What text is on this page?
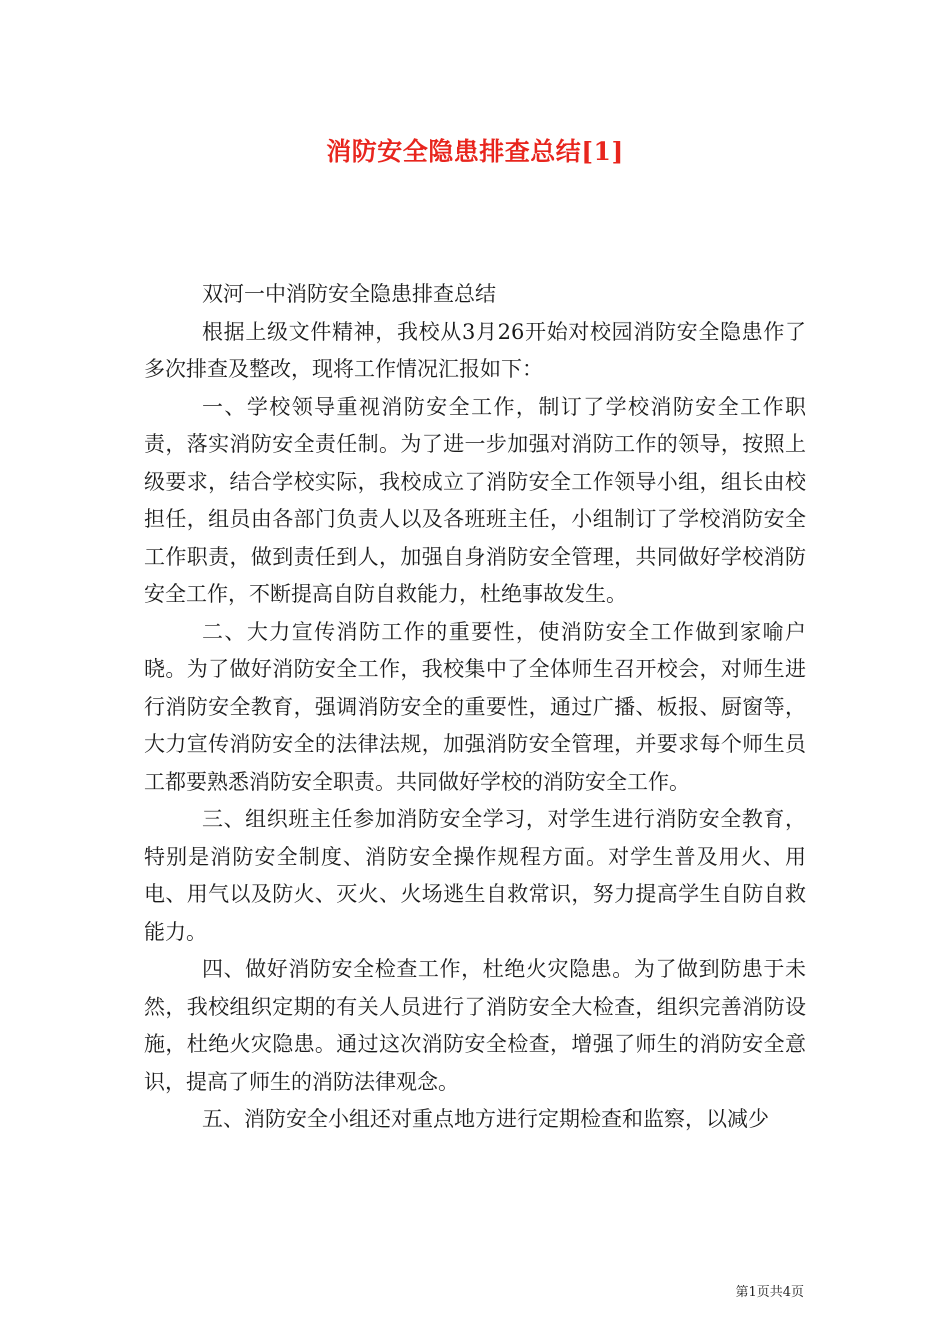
消防安全隐患排查总结[1]

双河一中消防安全隐患排查总结

根据上级文件精神，我校从3月26开始对校园消防安全隐患作了多次排查及整改，现将工作情况汇报如下：

一、学校领导重视消防安全工作，制订了学校消防安全工作职责，落实消防安全责任制。为了进一步加强对消防工作的领导，按照上级要求，结合学校实际，我校成立了消防安全工作领导小组，组长由校担任，组员由各部门负责人以及各班班主任，小组制订了学校消防安全工作职责，做到责任到人，加强自身消防安全管理，共同做好学校消防安全工作，不断提高自防自救能力，杜绝事故发生。

二、大力宣传消防工作的重要性，使消防安全工作做到家喻户晓。为了做好消防安全工作，我校集中了全体师生召开校会，对师生进行消防安全教育，强调消防安全的重要性，通过广播、板报、厨窗等，大力宣传消防安全的法律法规，加强消防安全管理，并要求每个师生员工都要熟悉消防安全职责。共同做好学校的消防安全工作。

三、组织班主任参加消防安全学习，对学生进行消防安全教育，特别是消防安全制度、消防安全操作规程方面。对学生普及用火、用电、用气以及防火、灭火、火场逃生自救常识，努力提高学生自防自救能力。

四、做好消防安全检查工作，杜绝火灾隐患。为了做到防患于未然，我校组织定期的有关人员进行了消防安全大检查，组织完善消防设施，杜绝火灾隐患。通过这次消防安全检查，增强了师生的消防安全意识，提高了师生的消防法律观念。

五、消防安全小组还对重点地方进行定期检查和监察，以减少

第1页共4页
